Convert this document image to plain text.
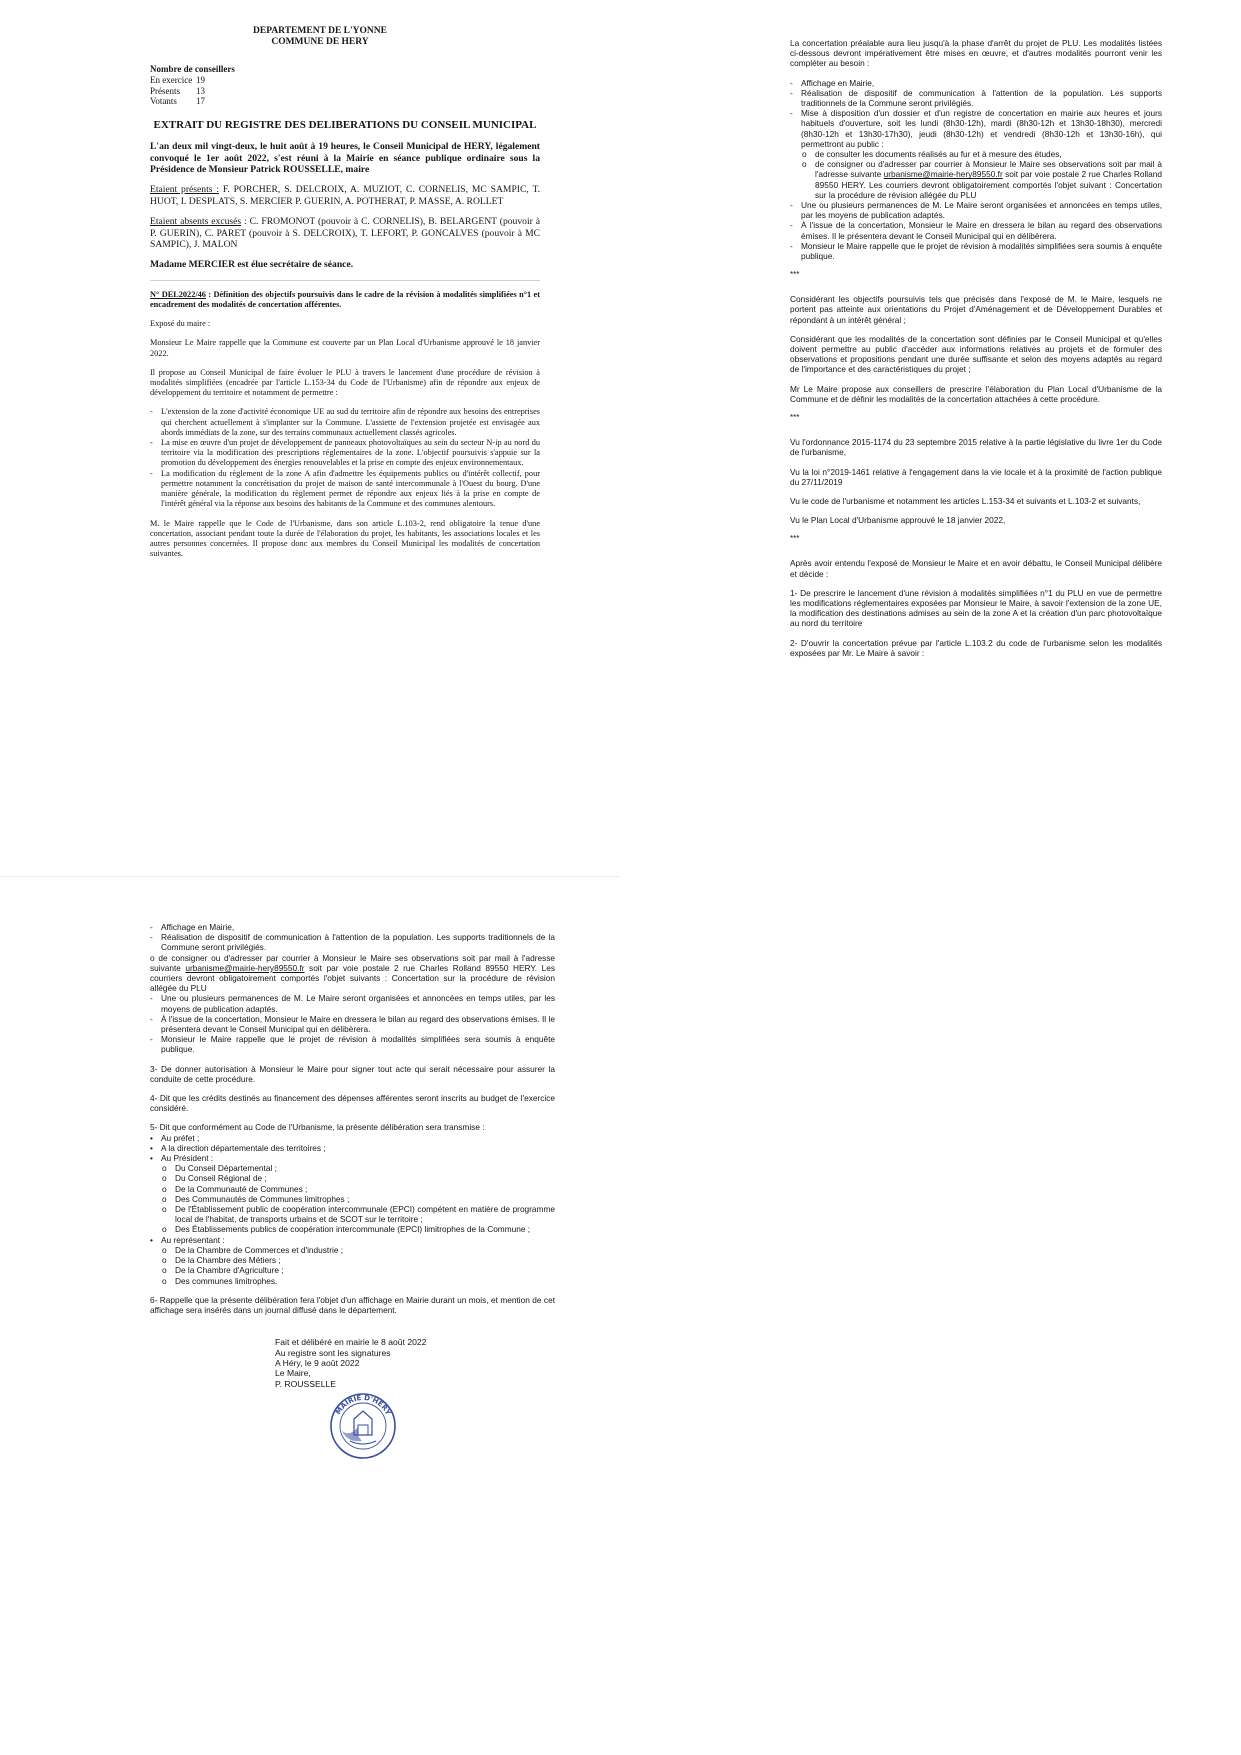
DEPARTEMENT DE L'YONNE
COMMUNE DE HERY
Nombre de conseillers
En exercice 19
Présents	13
Votants	17
EXTRAIT DU REGISTRE DES DELIBERATIONS DU CONSEIL MUNICIPAL

L'an deux mil vingt-deux, le huit août à 19 heures, le Conseil Municipal de HERY, légalement convoqué le 1er août 2022, s'est réuni à la Mairie en séance publique ordinaire sous la Présidence de Monsieur Patrick ROUSSELLE, maire

Etaient présents : F. PORCHER, S. DELCROIX, A. MUZIOT, C. CORNELIS, MC SAMPIC, T. HUOT, I. DESPLATS, S. MERCIER P. GUERIN, A. POTHERAT, P. MASSE, A. ROLLET

Etaient absents excusés : C. FROMONOT (pouvoir à C. CORNELIS), B. BELARGENT (pouvoir à P. GUERIN), C. PARET (pouvoir à S. DELCROIX), T. LEFORT, P. GONCALVES (pouvoir à MC SAMPIC), J. MALON

Madame MERCIER est élue secrétaire de séance.

N° DEL2022/46 : Définition des objectifs poursuivis dans le cadre de la révision à modalités simplifiées n°1 et encadrement des modalités de concertation afférentes.

Exposé du maire :

Monsieur Le Maire rappelle que la Commune est couverte par un Plan Local d'Urbanisme approuvé le 18 janvier 2022.

Il propose au Conseil Municipal de faire évoluer le PLU à travers le lancement d'une procédure de révision à modalités simplifiées (encadrée par l'article L.153-34 du Code de l'Urbanisme) afin de répondre aux enjeux de développement du territoire et notamment de permettre :

- L'extension de la zone d'activité économique UE au sud du territoire afin de répondre aux besoins des entreprises qui cherchent actuellement à s'implanter sur la Commune. L'assiette de l'extension projetée est envisagée aux abords immédiats de la zone, sur des terrains communaux actuellement classés agricoles.
- La mise en œuvre d'un projet de développement de panneaux photovoltaïques au sein du secteur N-ip au nord du territoire via la modification des prescriptions réglementaires de la zone. L'objectif poursuivis s'appuie sur la promotion du développement des énergies renouvelables et la prise en compte des enjeux environnementaux.
- La modification du règlement de la zone A afin d'admettre les équipements publics ou d'intérêt collectif, pour permettre notamment la concrétisation du projet de maison de santé intercommunale à l'Ouest du bourg. D'une manière générale, la modification du règlement permet de répondre aux enjeux liés à la prise en compte de l'intérêt général via la réponse aux besoins des habitants de la Commune et des communes alentours.

M. le Maire rappelle que le Code de l'Urbanisme, dans son article L.103-2, rend obligatoire la tenue d'une concertation, associant pendant toute la durée de l'élaboration du projet, les habitants, les associations locales et les autres personnes concernées. Il propose donc aux membres du Conseil Municipal les modalités de concertation suivantes.

La concertation préalable aura lieu jusqu'à la phase d'arrêt du projet de PLU. Les modalités listées ci-dessous devront impérativement être mises en œuvre, et d'autres modalités pourront venir les compléter au besoin :

- Affichage en Mairie,
- Réalisation de dispositif de communication à l'attention de la population. Les supports traditionnels de la Commune seront privilégiés.
- Mise à disposition d'un dossier et d'un registre de concertation en mairie aux heures et jours habituels d'ouverture, soit les lundi (8h30-12h), mardi (8h30-12h et 13h30-18h30), mercredi (8h30-12h et 13h30-17h30), jeudi (8h30-12h) et vendredi (8h30-12h et 13h30-16h), qui permettront au public :
o	de consulter les documents réalisés au fur et à mesure des études,
o	de consigner ou d'adresser par courrier à Monsieur le Maire ses observations soit par mail à l'adresse suivante urbanisme@mairie-hery89550.fr soit par voie postale 2 rue Charles Rolland 89550 HERY. Les courriers devront obligatoirement comportés l'objet suivant : Concertation sur la procédure de révision allégée du PLU
- Une ou plusieurs permanences de M. Le Maire seront organisées et annoncées en temps utiles, par les moyens de publication adaptés.
- À l'issue de la concertation, Monsieur le Maire en dressera le bilan au regard des observations émises. Il le présentera devant le Conseil Municipal qui en délibèrera.
- Monsieur le Maire rappelle que le projet de révision à modalités simplifiées sera soumis à enquête publique.

***

Considérant les objectifs poursuivis tels que précisés dans l'exposé de M. le Maire, lesquels ne portent pas atteinte aux orientations du Projet d'Aménagement et de Développement Durables et répondant à un intérêt général ;

Considérant que les modalités de la concertation sont définies par le Conseil Municipal et qu'elles doivent permettre au public d'accéder aux informations relatives au projets et de formuler des observations et propositions pendant une durée suffisante et selon des moyens adaptés au regard de l'importance et des caractéristiques du projet ;

Mr Le Maire propose aux conseillers de prescrire l'élaboration du Plan Local d'Urbanisme de la Commune et de définir les modalités de la concertation attachées à cette procédure.

***

Vu l'ordonnance 2015-1174 du 23 septembre 2015 relative à la partie législative du livre 1er du Code de l'urbanisme,

Vu la loi n°2019-1461 relative à l'engagement dans la vie locale et à la proximité de l'action publique du 27/11/2019

Vu le code de l'urbanisme et notamment les articles L.153-34 et suivants et L.103-2 et suivants,

Vu le Plan Local d'Urbanisme approuvé le 18 janvier 2022,

***

Après avoir entendu l'exposé de Monsieur le Maire et en avoir débattu, le Conseil Municipal délibère et décide :

1- De prescrire le lancement d'une révision à modalités simplifiées n°1 du PLU en vue de permettre les modifications réglementaires exposées par Monsieur le Maire, à savoir l'extension de la zone UE, la modification des destinations admises au sein de la zone A et la création d'un parc photovoltaïque au nord du territoire

2- D'ouvrir la concertation prévue par l'article L.103.2 du code de l'urbanisme selon les modalités exposées par Mr. Le Maire à savoir :

- Affichage en Mairie,
- Réalisation de dispositif de communication à l'attention de la population. Les supports traditionnels de la Commune seront privilégiés.

o de consigner ou d'adresser par courrier à Monsieur le Maire ses observations soit par mail à l'adresse suivante urbanisme@mairie-hery89550.fr soit par voie postale 2 rue Charles Rolland 89550 HERY. Les courriers devront obligatoirement comportés l'objet suivants : Concertation sur la procédure de révision allégée du PLU

- Une ou plusieurs permanences de M. Le Maire seront organisées et annoncées en temps utiles, par les moyens de publication adaptés.
- À l'issue de la concertation, Monsieur le Maire en dressera le bilan au regard des observations émises. Il le présentera devant le Conseil Municipal qui en délibèrera.
- Monsieur le Maire rappelle que le projet de révision à modalités simplifiées sera soumis à enquête publique.

3- De donner autorisation à Monsieur le Maire pour signer tout acte qui serait nécessaire pour assurer la conduite de cette procédure.

4- Dit que les crédits destinés au financement des dépenses afférentes seront inscrits au budget de l'exercice considéré.

5- Dit que conformément au Code de l'Urbanisme, la présente délibération sera transmise :

• Au préfet ;
• A la direction départementale des territoires ;
• Au Président :
o	Du Conseil Départemental ;
o	Du Conseil Régional de ;
o	De la Communauté de Communes ;
o	Des Communautés de Communes limitrophes ;
o	De l'Établissement public de coopération intercommunale (EPCI) compétent en matière de programme local de l'habitat, de transports urbains et de SCOT sur le territoire ;
o	Des Établissements publics de coopération intercommunale (EPCI) limitrophes de la Commune ;
• Au représentant :
o	De la Chambre de Commerces et d'industrie ;
o	De la Chambre des Métiers ;
o	De la Chambre d'Agriculture ;
o	Des communes limitrophes.

6- Rappelle que la présente délibération fera l'objet d'un affichage en Mairie durant un mois, et mention de cet affichage sera insérés dans un journal diffusé dans le département.

Fait et délibéré en mairie le 8 août 2022
Au registre sont les signatures
A Héry, le 9 août 2022
Le Maire,
P. ROUSSELLE
MAIRIE D'HERY
